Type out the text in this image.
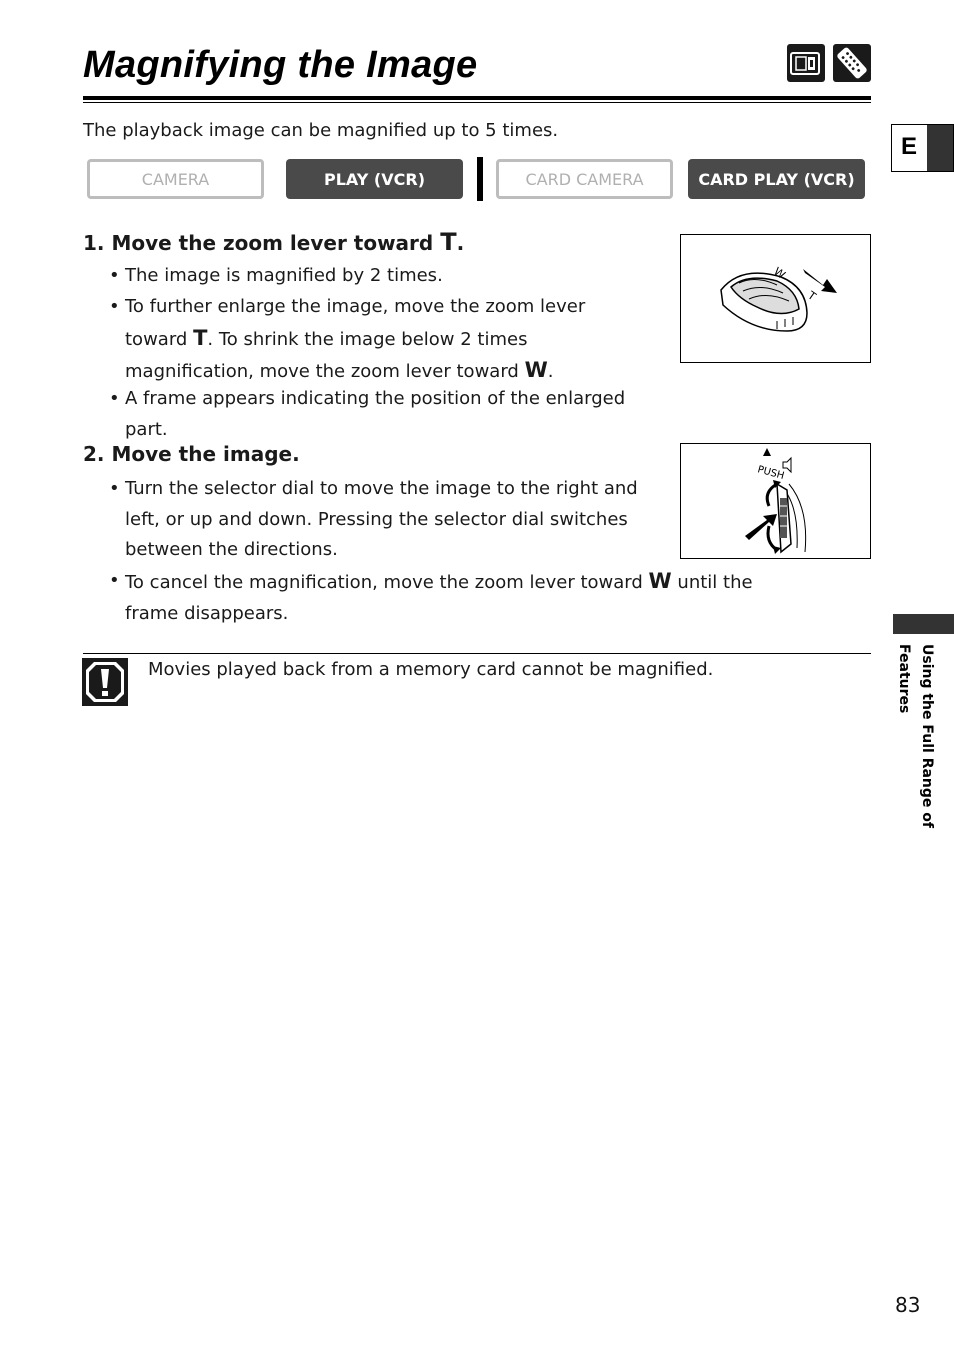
Magnifying the Image
E
The playback image can be magnified up to 5 times.
CAMERA	PLAY (VCR)	CARD CAMERA	CARD PLAY (VCR)
1. Move the zoom lever toward T.
• The image is magnified by 2 times.
• To further enlarge the image, move the zoom lever toward T. To shrink the image below 2 times magnification, move the zoom lever toward W.
• A frame appears indicating the position of the enlarged part.
W
T
2. Move the image.
• Turn the selector dial to move the image to the right and left, or up and down. Pressing the selector dial switches between the directions.
• To cancel the magnification, move the zoom lever toward W until the frame disappears.
PUSH
Movies played back from a memory card cannot be magnified.	Using the Full Range of Features
83
